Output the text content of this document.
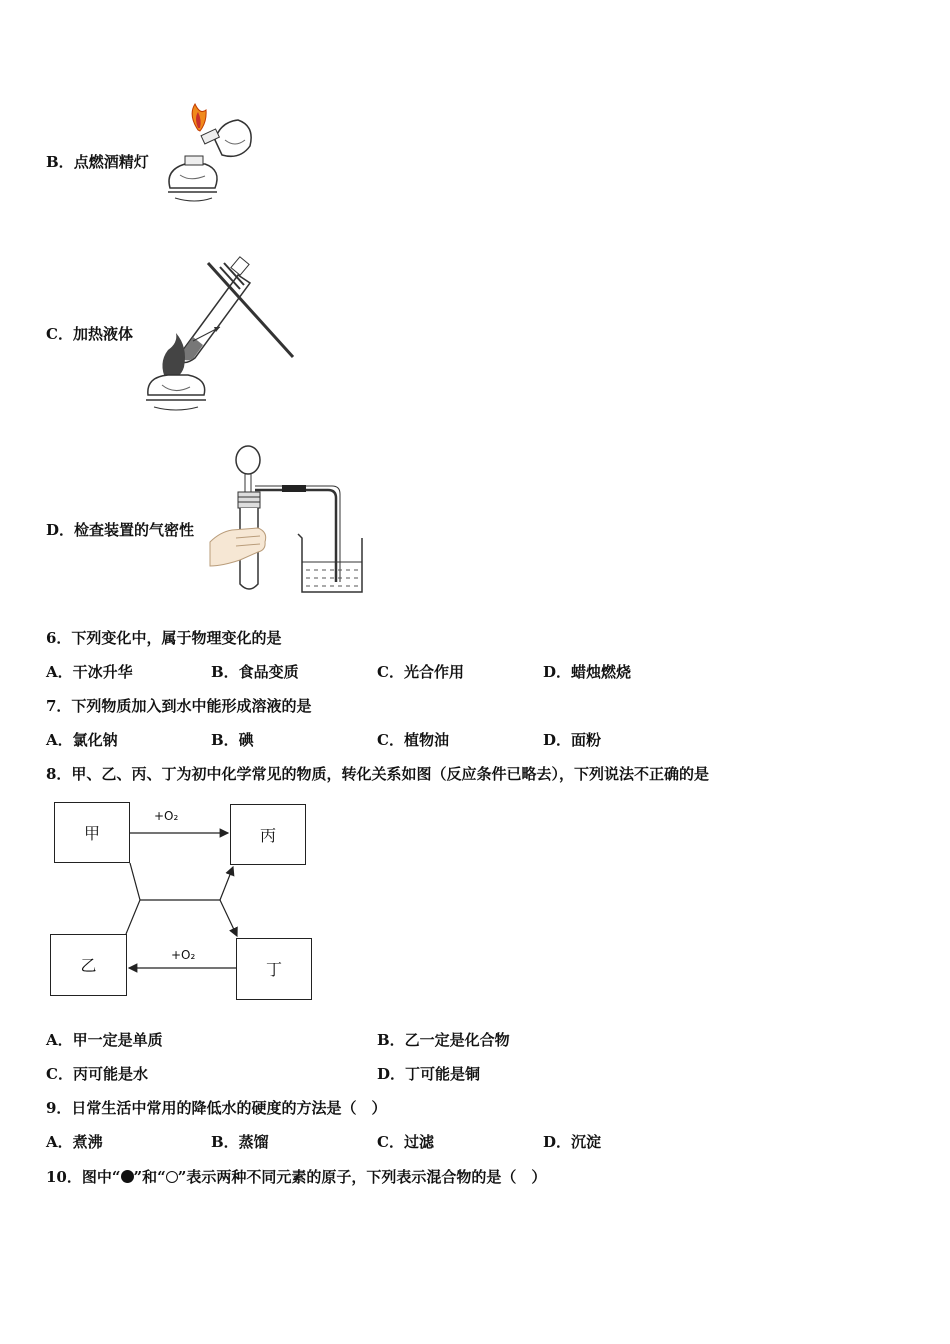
B．点燃酒精灯
C．加热液体
D．检查装置的气密性
6．下列变化中，属于物理变化的是
A．干冰升华	B．食品变质	C．光合作用	D．蜡烛燃烧
7．下列物质加入到水中能形成溶液的是
A．氯化钠	B．碘	C．植物油	D．面粉
8．甲、乙、丙、丁为初中化学常见的物质，转化关系如图（反应条件已略去），下列说法不正确的是
甲	丙
乙	丁
+O₂
+O₂
A．甲一定是单质	B．乙一定是化合物
C．丙可能是水	D．丁可能是铜
9．日常生活中常用的降低水的硬度的方法是（　）
A．煮沸	B．蒸馏	C．过滤	D．沉淀
10．图中“ ”和“ ”表示两种不同元素的原子，下列表示混合物的是（　）
